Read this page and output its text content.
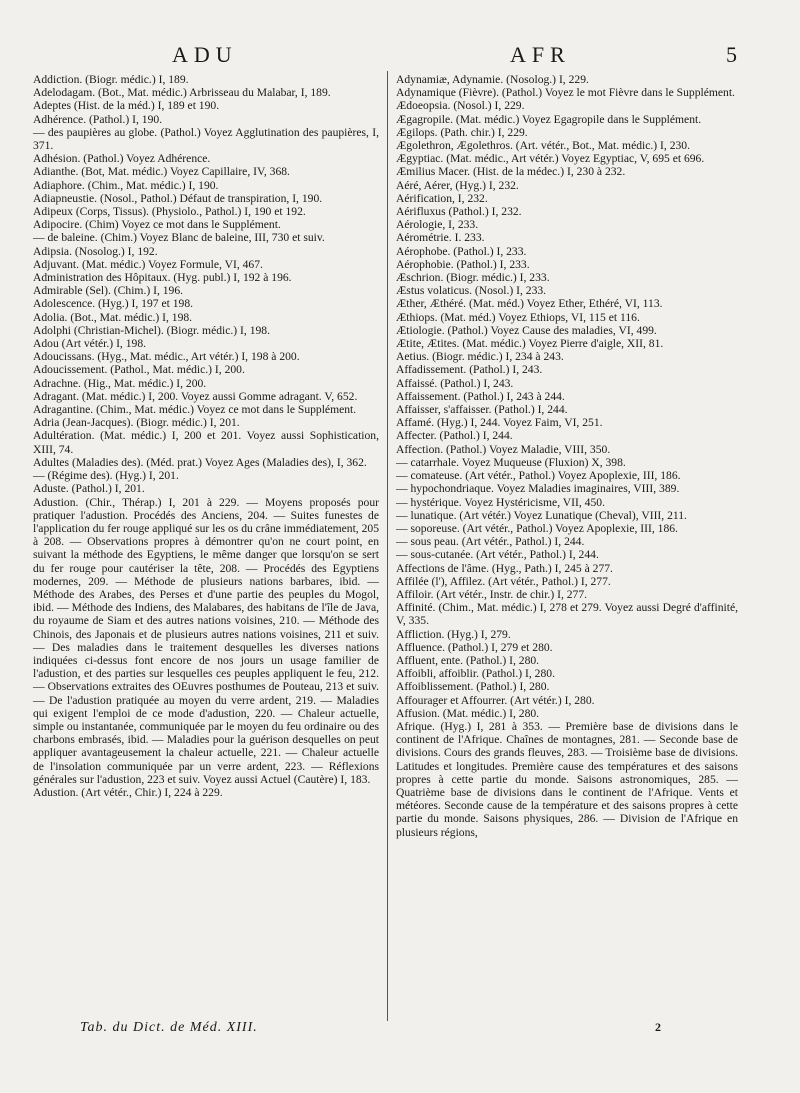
ADU	AFR	5

Addiction. (Biogr. médic.) I, 189.

Adelodagam. (Bot., Mat. médic.) Arbrisseau du Malabar, I, 189.

Adeptes (Hist. de la méd.) I, 189 et 190.

Adhérence. (Pathol.) I, 190.

— des paupières au globe. (Pathol.) Voyez Agglutination des paupières, I, 371.

Adhésion. (Pathol.) Voyez Adhérence.

Adianthe. (Bot, Mat. médic.) Voyez Capillaire, IV, 368.

Adiaphore. (Chim., Mat. médic.) I, 190.

Adiapneustie. (Nosol., Pathol.) Défaut de transpiration, I, 190.

Adipeux (Corps, Tissus). (Physiolo., Pathol.) I, 190 et 192.

Adipocire. (Chim) Voyez ce mot dans le Supplément.

— de baleine. (Chim.) Voyez Blanc de baleine, III, 730 et suiv.

Adipsia. (Nosolog.) I, 192.

Adjuvant. (Mat. médic.) Voyez Formule, VI, 467.

Administration des Hôpitaux. (Hyg. publ.) I, 192 à 196.

Admirable (Sel). (Chim.) I, 196.

Adolescence. (Hyg.) I, 197 et 198.

Adolia. (Bot., Mat. médic.) I, 198.

Adolphi (Christian-Michel). (Biogr. médic.) I, 198.

Adou (Art vétér.) I, 198.

Adoucissans. (Hyg., Mat. médic., Art vétér.) I, 198 à 200.

Adoucissement. (Pathol., Mat. médic.) I, 200.

Adrachne. (Hig., Mat. médic.) I, 200.

Adragant. (Mat. médic.) I, 200. Voyez aussi Gomme adragant. V, 652.

Adragantine. (Chim., Mat. médic.) Voyez ce mot dans le Supplément.

Adria (Jean-Jacques). (Biogr. médic.) I, 201.

Adultération. (Mat. médic.) I, 200 et 201. Voyez aussi Sophistication, XIII, 74.

Adultes (Maladies des). (Méd. prat.) Voyez Ages (Maladies des), I, 362.

— (Régime des). (Hyg.) I, 201.

Aduste. (Pathol.) I, 201.

Adustion. (Chir., Thérap.) I, 201 à 229. — Moyens proposés pour pratiquer l'adustion. Procédés des Anciens, 204. — Suites funestes de l'application du fer rouge appliqué sur les os du crâne immédiatement, 205 à 208. — Observations propres à démontrer qu'on ne court point, en suivant la méthode des Egyptiens, le même danger que lorsqu'on se sert du fer rouge pour cautériser la tête, 208. — Procédés des Egyptiens modernes, 209. — Méthode de plusieurs nations barbares, ibid. — Méthode des Arabes, des Perses et d'une partie des peuples du Mogol, ibid. — Méthode des Indiens, des Malabares, des habitans de l'île de Java, du royaume de Siam et des autres nations voisines, 210. — Méthode des Chinois, des Japonais et de plusieurs autres nations voisines, 211 et suiv. — Des maladies dans le traitement desquelles les diverses nations indiquées ci-dessus font encore de nos jours un usage familier de l'adustion, et des parties sur lesquelles ces peuples appliquent le feu, 212. — Observations extraites des OEuvres posthumes de Pouteau, 213 et suiv. — De l'adustion pratiquée au moyen du verre ardent, 219. — Maladies qui exigent l'emploi de ce mode d'adustion, 220. — Chaleur actuelle, simple ou instantanée, communiquée par le moyen du feu ordinaire ou des charbons embrasés, ibid. — Maladies pour la guérison desquelles on peut appliquer avantageusement la chaleur actuelle, 221. — Chaleur actuelle de l'insolation communiquée par un verre ardent, 223. — Réflexions générales sur l'adustion, 223 et suiv. Voyez aussi Actuel (Cautère) I, 183.

Adustion. (Art vétér., Chir.) I, 224 à 229.

Adynamiæ, Adynamie. (Nosolog.) I, 229.

Adynamique (Fièvre). (Pathol.) Voyez le mot Fièvre dans le Supplément.

Ædoeopsia. (Nosol.) I, 229.

Ægagropile. (Mat. médic.) Voyez Egagropile dans le Supplément.

Ægilops. (Path. chir.) I, 229.

Ægolethron, Ægolethros. (Art. vétér., Bot., Mat. médic.) I, 230.

Ægyptiac. (Mat. médic., Art vétér.) Voyez Egyptiac, V, 695 et 696.

Æmilius Macer. (Hist. de la médec.) I, 230 à 232.

Aéré, Aérer, (Hyg.) I, 232.

Aérification, I, 232.

Aérifluxus (Pathol.) I, 232.

Aérologie, I, 233.

Aérométrie. I. 233.

Aérophobe. (Pathol.) I, 233.

Aérophobie. (Pathol.) I, 233.

Æschrion. (Biogr. médic.) I, 233.

Æstus volaticus. (Nosol.) I, 233.

Æther, Æthéré. (Mat. méd.) Voyez Ether, Ethéré, VI, 113.

Æthiops. (Mat. méd.) Voyez Ethiops, VI, 115 et 116.

Ætiologie. (Pathol.) Voyez Cause des maladies, VI, 499.

Ætite, Ætites. (Mat. médic.) Voyez Pierre d'aigle, XII, 81.

Aetius. (Biogr. médic.) I, 234 à 243.

Affadissement. (Pathol.) I, 243.

Affaissé. (Pathol.) I, 243.

Affaissement. (Pathol.) I, 243 à 244.

Affaisser, s'affaisser. (Pathol.) I, 244.

Affamé. (Hyg.) I, 244. Voyez Faim, VI, 251.

Affecter. (Pathol.) I, 244.

Affection. (Pathol.) Voyez Maladie, VIII, 350.

— catarrhale. Voyez Muqueuse (Fluxion) X, 398.

— comateuse. (Art vétér., Pathol.) Voyez Apoplexie, III, 186.

— hypochondriaque. Voyez Maladies imaginaires, VIII, 389.

— hystérique. Voyez Hystéricisme, VII, 450.

— lunatique. (Art vétér.) Voyez Lunatique (Cheval), VIII, 211.

— soporeuse. (Art vétér., Pathol.) Voyez Apoplexie, III, 186.

— sous peau. (Art vétér., Pathol.) I, 244.

— sous-cutanée. (Art vétér., Pathol.) I, 244.

Affections de l'âme. (Hyg., Path.) I, 245 à 277.

Affilée (l'), Affilez. (Art vétér., Pathol.) I, 277.

Affiloir. (Art vétér., Instr. de chir.) I, 277.

Affinité. (Chim., Mat. médic.) I, 278 et 279. Voyez aussi Degré d'affinité, V, 335.

Affliction. (Hyg.) I, 279.

Affluence. (Pathol.) I, 279 et 280.

Affluent, ente. (Pathol.) I, 280.

Affoibli, affoiblir. (Pathol.) I, 280.

Affoiblissement. (Pathol.) I, 280.

Affourager et Affourrer. (Art vétér.) I, 280.

Affusion. (Mat. médic.) I, 280.

Afrique. (Hyg.) I, 281 à 353. — Première base de divisions dans le continent de l'Afrique. Chaînes de montagnes, 281. — Seconde base de divisions. Cours des grands fleuves, 283. — Troisième base de divisions. Latitudes et longitudes. Première cause des températures et des saisons propres à cette partie du monde. Saisons astronomiques, 285. — Quatrième base de divisions dans le continent de l'Afrique. Vents et météores. Seconde cause de la température et des saisons propres à cette partie du monde. Saisons physiques, 286. — Division de l'Afrique en plusieurs régions,

Tab. du Dict. de Méd. XIII.	2
